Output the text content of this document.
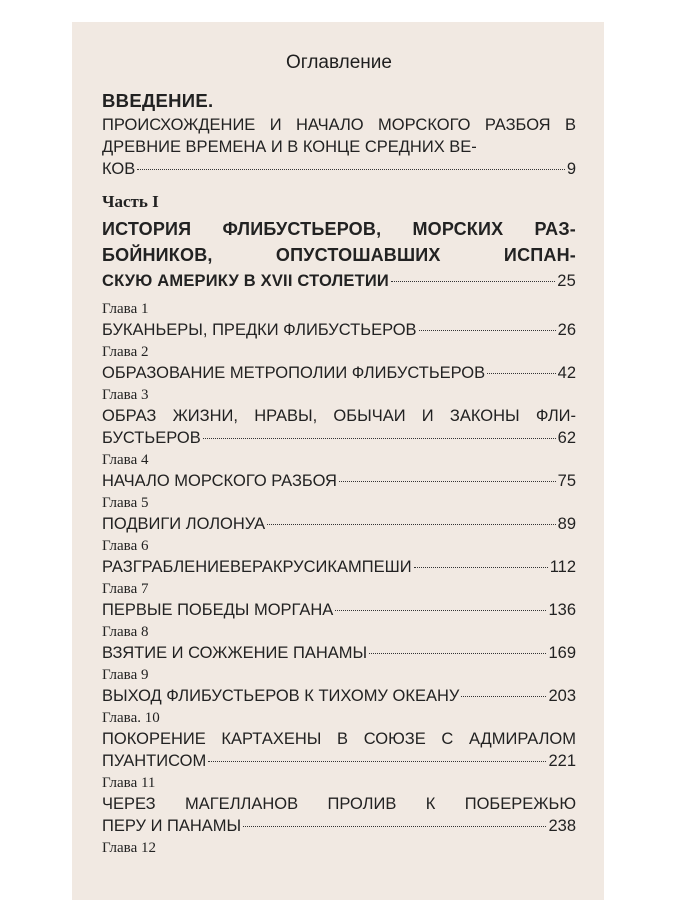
Оглавление
ВВЕДЕНИЕ.
ПРОИСХОЖДЕНИЕ И НАЧАЛО МОРСКОГО РАЗБОЯ В ДРЕВНИЕ ВРЕМЕНА И В КОНЦЕ СРЕДНИХ ВЕ-
КОВ	9
Часть I
ИСТОРИЯ ФЛИБУСТЬЕРОВ, МОРСКИХ РАЗ- БОЙНИКОВ, ОПУСТОШАВШИХ ИСПАН-
СКУЮ АМЕРИКУ В XVII СТОЛЕТИИ	25
Глава 1
БУКАНЬЕРЫ, ПРЕДКИ ФЛИБУСТЬЕРОВ	26
Глава 2
ОБРАЗОВАНИЕ МЕТРОПОЛИИ ФЛИБУСТЬЕРОВ	42
Глава 3
ОБРАЗ ЖИЗНИ, НРАВЫ, ОБЫЧАИ И ЗАКОНЫ ФЛИ-
БУСТЬЕРОВ	62
Глава 4
НАЧАЛО МОРСКОГО РАЗБОЯ	75
Глава 5
ПОДВИГИ ЛОЛОНУА	89
Глава 6
РАЗГРАБЛЕНИЕВЕРАКРУСИКАМПЕШИ	112
Глава 7
ПЕРВЫЕ ПОБЕДЫ МОРГАНА	136
Глава 8
ВЗЯТИЕ И СОЖЖЕНИЕ ПАНАМЫ	169
Глава 9
ВЫХОД ФЛИБУСТЬЕРОВ К ТИХОМУ ОКЕАНУ	203
Глава. 10
ПОКОРЕНИЕ КАРТАХЕНЫ В СОЮЗЕ С АДМИРАЛОМ
ПУАНТИСОМ	221
Глава 11
ЧЕРЕЗ МАГЕЛЛАНОВ ПРОЛИВ К ПОБЕРЕЖЬЮ
ПЕРУ И ПАНАМЫ	238
Глава 12
